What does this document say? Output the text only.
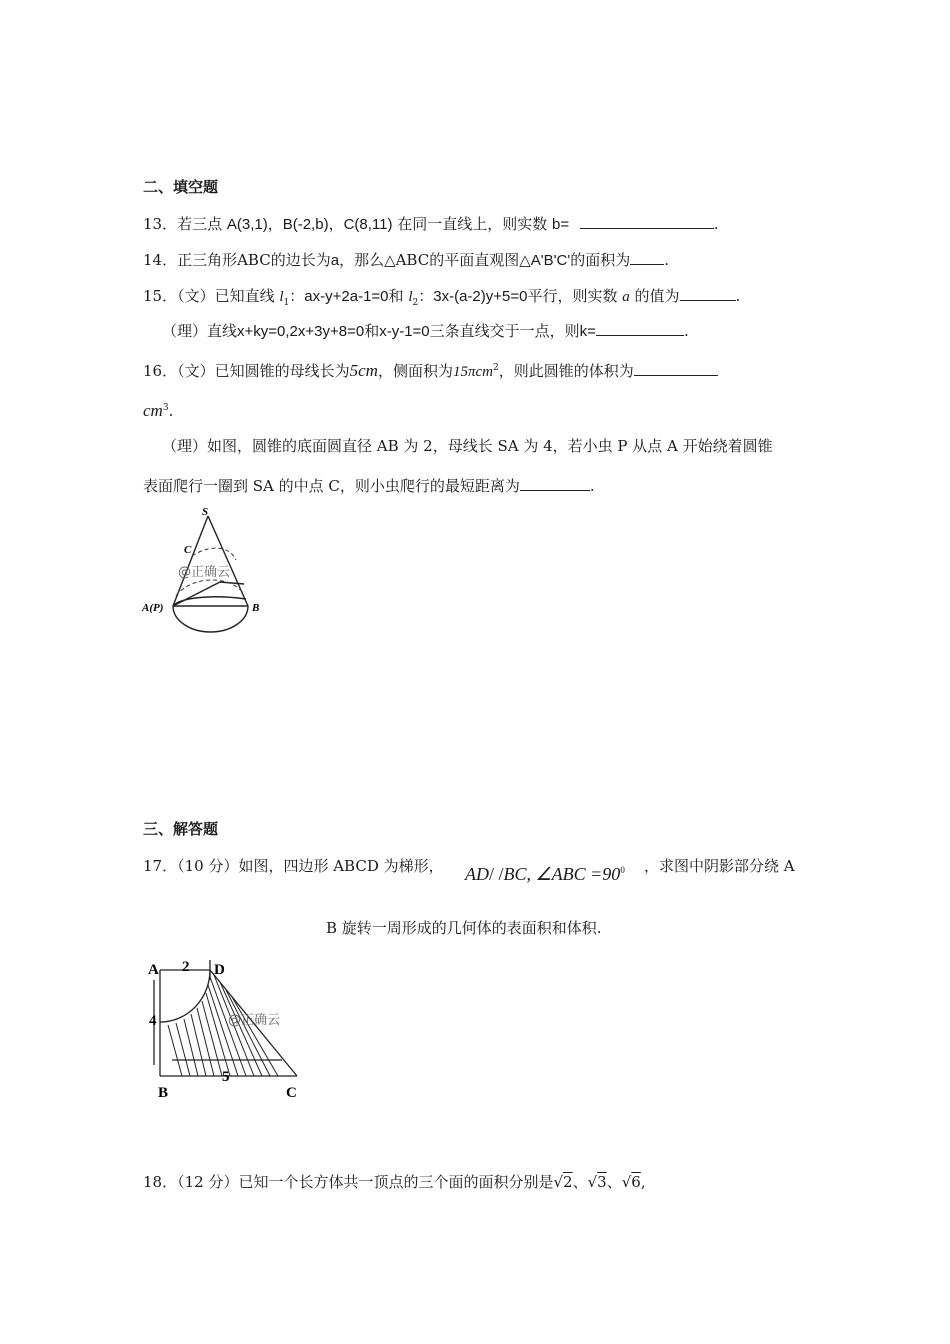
二、填空题
13．若三点 A(3,1)，B(-2,b)，C(8,11) 在同一直线上，则实数 b=	.
14．正三角形ABC的边长为a，那么△ABC的平面直观图△A'B'C'的面积为 .
15．（文）已知直线 $l_1$：ax-y+2a-1=0和 $l_2$：3x-(a-2)y+5=0平行，则实数 a 的值为	.
（理）直线x+ky=0,2x+3y+8=0和x-y-1=0三条直线交于一点，则k=	.
16．（文）已知圆锥的母线长为5cm，侧面积为15πcm$^2$，则此圆锥的体积为
$cm^3$.
（理）如图，圆锥的底面圆直径 AB 为 2，母线长 SA 为 4，若小虫 P 从点 A 开始绕着圆锥
表面爬行一圈到 SA 的中点 C，则小虫爬行的最短距离为	.
S
C
A(P)	B
@正确云
三、解答题
17．（10 分）如图，四边形 ABCD 为梯形， AD/ /BC, ∠ABC $=90^0$ ，求图中阴影部分绕 A
B 旋转一周形成的几何体的表面积和体积.
A	D
B	C
2
4
5
@正确云
18．（12 分）已知一个长方体共一顶点的三个面的面积分别是√2、√3、√6,
